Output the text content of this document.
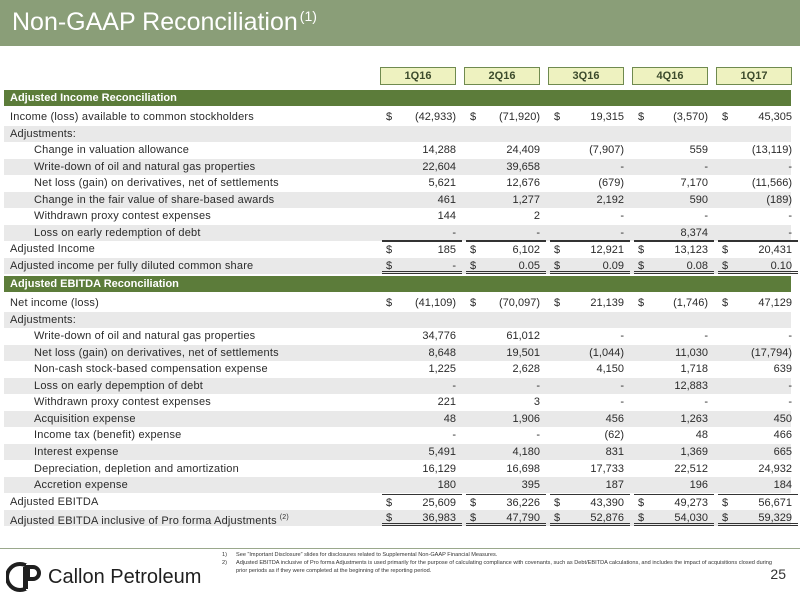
Non-GAAP Reconciliation $^{(1)}$
1Q16	2Q16	3Q16	4Q16	1Q17
Adjusted Income Reconciliation
Income (loss) available to common stockholders	$ (42,933)	$ (71,920)	$	19,315	$	(3,570)	$	45,305
Adjustments:
Change in valuation allowance	14,288	24,409	(7,907)	559	(13,119)
Write-down of oil and natural gas properties	22,604	39,658	-	-	-
Net loss (gain) on derivatives, net of settlements	5,621	12,676	(679)	7,170	(11,566)
Change in the fair value of share-based awards	461	1,277	2,192	590	(189)
Withdrawn proxy contest expenses	144	2	-	-	-
Loss on early redemption of debt	-	-	-	8,374	-
Adjusted Income	$	185	$	6,102	$	12,921	$	13,123	$	20,431
Adjusted income per fully diluted common share	$	-	$	0.05	$	0.09	$	0.08	$	0.10
Adjusted EBITDA Reconciliation
Net income (loss)	$ (41,109)	$ (70,097)	$	21,139	$	(1,746)	$	47,129
Adjustments:
Write-down of oil and natural gas properties	34,776	61,012	-	-	-
Net loss (gain) on derivatives, net of settlements	8,648	19,501	(1,044)	11,030	(17,794)
Non-cash stock-based compensation expense	1,225	2,628	4,150	1,718	639
Loss on early depemption of debt	-	-	-	12,883	-
Withdrawn proxy contest expenses	221	3	-	-	-
Acquisition expense	48	1,906	456	1,263	450
Income tax (benefit) expense	-	-	(62)	48	466
Interest expense	5,491	4,180	831	1,369	665
Depreciation, depletion and amortization	16,129	16,698	17,733	22,512	24,932
Accretion expense	180	395	187	196	184
Adjusted EBITDA	$	25,609	$	36,226	$	43,390	$	49,273	$	56,671
Adjusted EBITDA inclusive of Pro forma Adjustments $^{(2)}$	$	36,983	$	47,790	$	52,876	$	54,030	$	59,329
1) See “Important Disclosure” slides for disclosures related to Supplemental Non-GAAP Financial Measures.
2) Adjusted EBITDA inclusive of Pro forma Adjustments is used primarily for the purpose of calculating compliance with covenants, such as Debt/EBITDA calculations, and includes the impact of acquisitions closed during prior periods as if they were completed at the beginning of the reporting period.
Callon Petroleum	25
